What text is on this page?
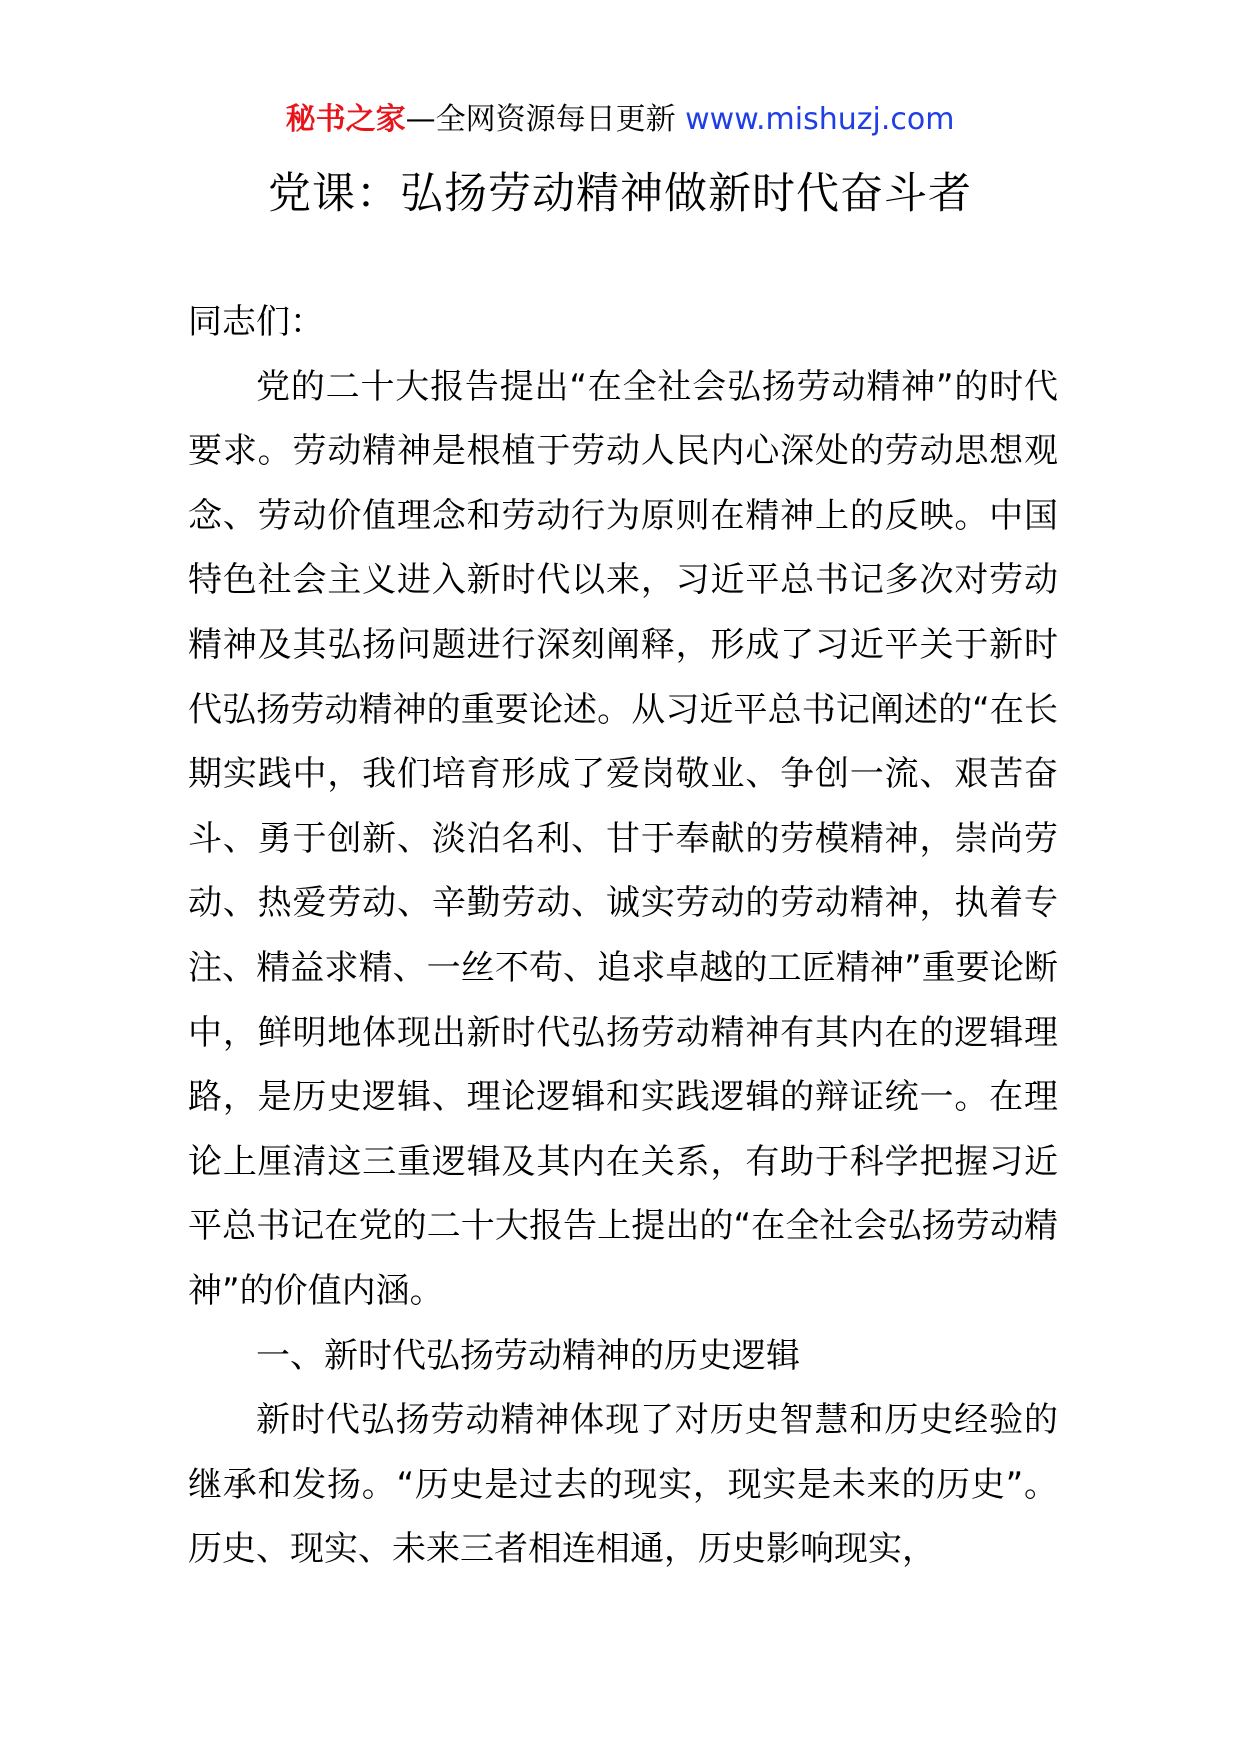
秘书之家—全网资源每日更新 www.mishuzj.com
党课：弘扬劳动精神做新时代奋斗者

同志们：

党的二十大报告提出“在全社会弘扬劳动精神”的时代要求。劳动精神是根植于劳动人民内心深处的劳动思想观念、劳动价值理念和劳动行为原则在精神上的反映。中国特色社会主义进入新时代以来，习近平总书记多次对劳动精神及其弘扬问题进行深刻阐释，形成了习近平关于新时代弘扬劳动精神的重要论述。从习近平总书记阐述的“在长期实践中，我们培育形成了爱岗敬业、争创一流、艰苦奋斗、勇于创新、淡泊名利、甘于奉献的劳模精神，崇尚劳动、热爱劳动、辛勤劳动、诚实劳动的劳动精神，执着专注、精益求精、一丝不苟、追求卓越的工匠精神”重要论断中，鲜明地体现出新时代弘扬劳动精神有其内在的逻辑理路，是历史逻辑、理论逻辑和实践逻辑的辩证统一。在理论上厘清这三重逻辑及其内在关系，有助于科学把握习近平总书记在党的二十大报告上提出的“在全社会弘扬劳动精神”的价值内涵。

一、新时代弘扬劳动精神的历史逻辑

新时代弘扬劳动精神体现了对历史智慧和历史经验的继承和发扬。“历史是过去的现实，现实是未来的历史”。历史、现实、未来三者相连相通，历史影响现实，
